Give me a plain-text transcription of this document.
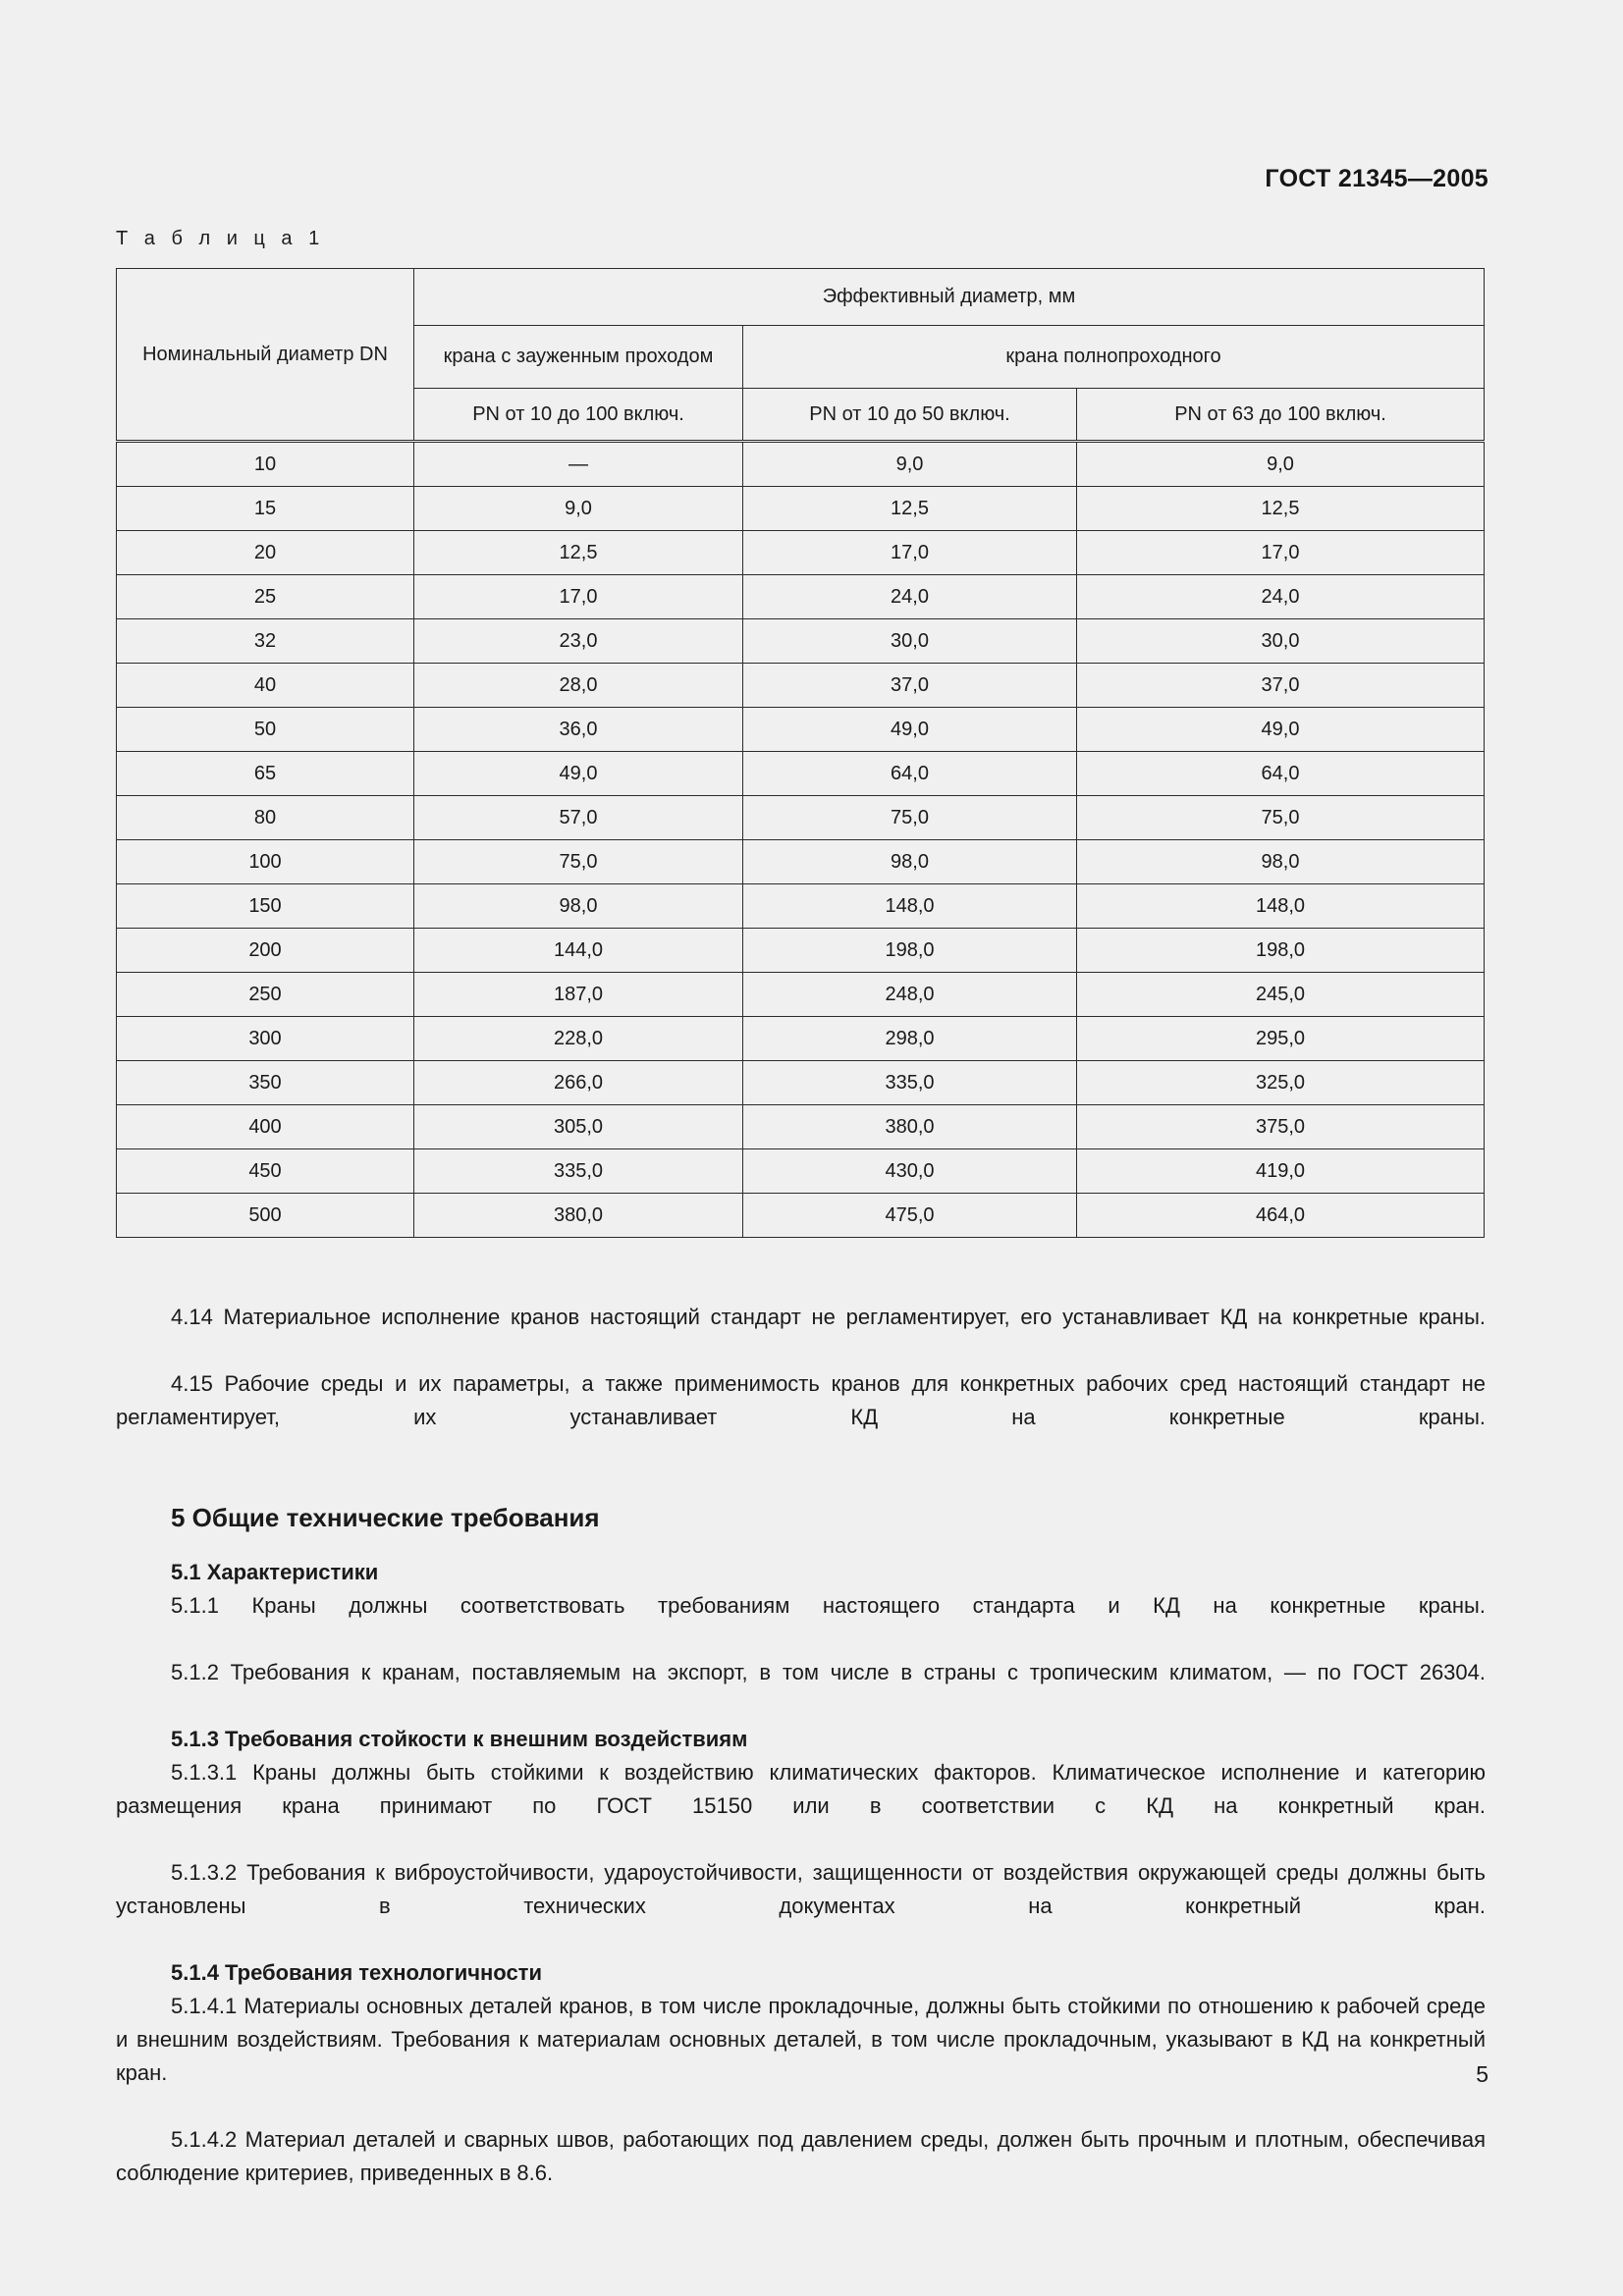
ГОСТ 21345—2005
Т а б л и ц а 1
Номинальный диаметр DN	Эффективный диаметр, мм		
	крана с зауженным проходом	крана полнопроходного	
	PN от 10 до 100 включ.	PN от 10 до 50 включ.	PN от 63 до 100 включ.
10	—	9,0	9,0
15	9,0	12,5	12,5
20	12,5	17,0	17,0
25	17,0	24,0	24,0
32	23,0	30,0	30,0
40	28,0	37,0	37,0
50	36,0	49,0	49,0
65	49,0	64,0	64,0
80	57,0	75,0	75,0
100	75,0	98,0	98,0
150	98,0	148,0	148,0
200	144,0	198,0	198,0
250	187,0	248,0	245,0
300	228,0	298,0	295,0
350	266,0	335,0	325,0
400	305,0	380,0	375,0
450	335,0	430,0	419,0
500	380,0	475,0	464,0

4.14 Материальное исполнение кранов настоящий стандарт не регламентирует, его устанавливает КД на конкретные краны.

4.15 Рабочие среды и их параметры, а также применимость кранов для конкретных рабочих сред настоящий стандарт не регламентирует, их устанавливает КД на конкретные краны.

5 Общие технические требования
5.1 Характеристики

5.1.1 Краны должны соответствовать требованиям настоящего стандарта и КД на конкретные краны.

5.1.2 Требования к кранам, поставляемым на экспорт, в том числе в страны с тропическим климатом, — по ГОСТ 26304.

5.1.3 Требования стойкости к внешним воздействиям

5.1.3.1 Краны должны быть стойкими к воздействию климатических факторов. Климатическое исполнение и категорию размещения крана принимают по ГОСТ 15150 или в соответствии с КД на конкретный кран.

5.1.3.2 Требования к виброустойчивости, удароустойчивости, защищенности от воздействия окружающей среды должны быть установлены в технических документах на конкретный кран.

5.1.4 Требования технологичности

5.1.4.1 Материалы основных деталей кранов, в том числе прокладочные, должны быть стойкими по отношению к рабочей среде и внешним воздействиям. Требования к материалам основных деталей, в том числе прокладочным, указывают в КД на конкретный кран.

5.1.4.2 Материал деталей и сварных швов, работающих под давлением среды, должен быть прочным и плотным, обеспечивая соблюдение критериев, приведенных в 8.6.

5
